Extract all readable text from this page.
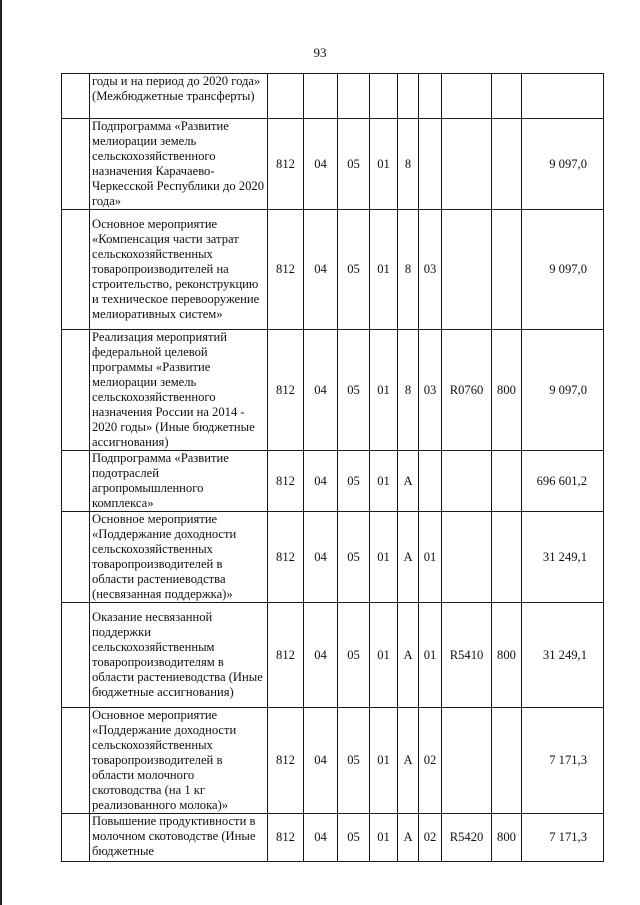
93
	годы и на период до 2020 года» (Межбюджетные трансферты)									
	Подпрограмма «Развитие мелиорации земель сельскохозяйственного назначения Карачаево-Черкесской Республики до 2020 года»	812	04	05	01	8				9 097,0
	Основное мероприятие «Компенсация части затрат сельскохозяйственных товаропроизводителей на строительство, реконструкцию и техническое перевооружение мелиоративных систем»	812	04	05	01	8	03			9 097,0
	Реализация мероприятий федеральной целевой программы «Развитие мелиорации земель сельскохозяйственного назначения России на 2014 - 2020 годы» (Иные бюджетные ассигнования)	812	04	05	01	8	03	R0760	800	9 097,0
	Подпрограмма «Развитие подотраслей агропромышленного комплекса»	812	04	05	01	А				696 601,2
	Основное мероприятие «Поддержание доходности сельскохозяйственных товаропроизводителей в области растениеводства (несвязанная поддержка)»	812	04	05	01	А	01			31 249,1
	Оказание несвязанной поддержки сельскохозяйственным товаропроизводителям в области растениеводства (Иные бюджетные ассигнования)	812	04	05	01	А	01	R5410	800	31 249,1
	Основное мероприятие «Поддержание доходности сельскохозяйственных товаропроизводителей в области молочного скотоводства (на 1 кг реализованного молока)»	812	04	05	01	А	02			7 171,3
	Повышение продуктивности в молочном скотоводстве (Иные бюджетные	812	04	05	01	А	02	R5420	800	7 171,3
